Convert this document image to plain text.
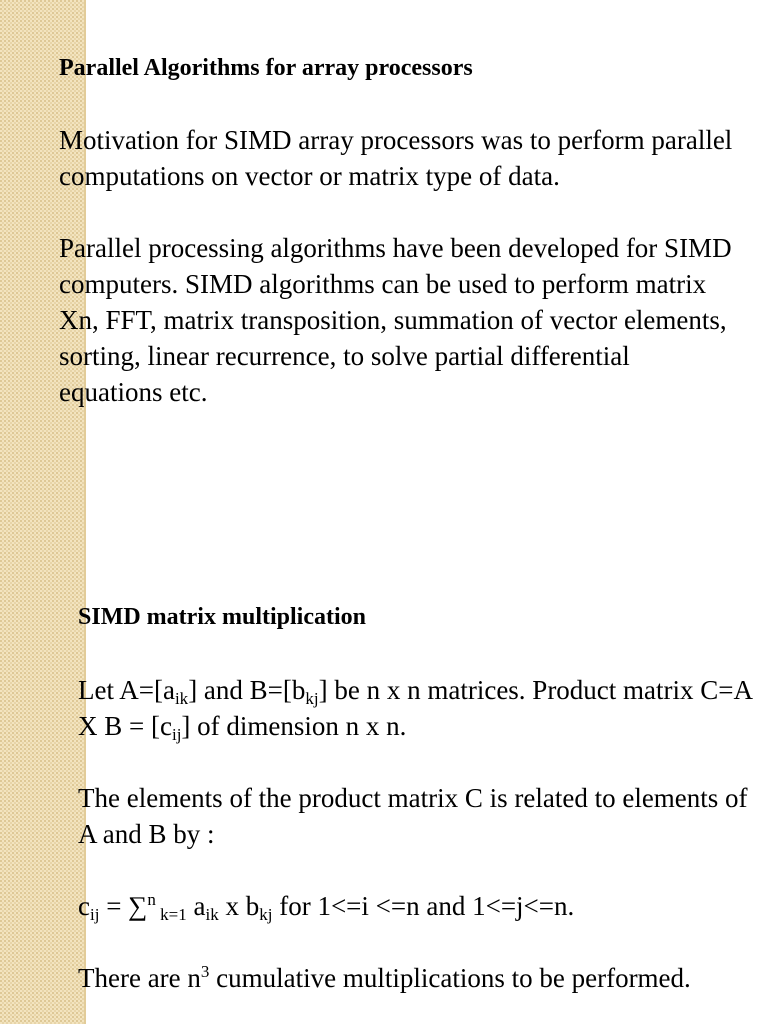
Parallel Algorithms for array processors

Motivation for SIMD array processors was to perform parallel computations on vector or matrix type of data.

Parallel processing algorithms have been developed for SIMD computers. SIMD algorithms can be used to perform matrix Xn, FFT, matrix transposition, summation of vector elements, sorting, linear recurrence, to solve partial differential equations etc.

SIMD matrix multiplication

Let $A=[a_{ik}]$ and $B=[b_{kj}]$ be n x n matrices. Product matrix C=A X $B = [c_{ij}]$ of dimension n x n.

The elements of the product matrix C is related to elements of A and B by :

$c_{ij} = \sum^n$ $_{k=1}$ $a_{ik}$ x $b_{kj}$ for 1<=i <=n and 1<=j<=n.

There are $n^3$ cumulative multiplications to be performed.
